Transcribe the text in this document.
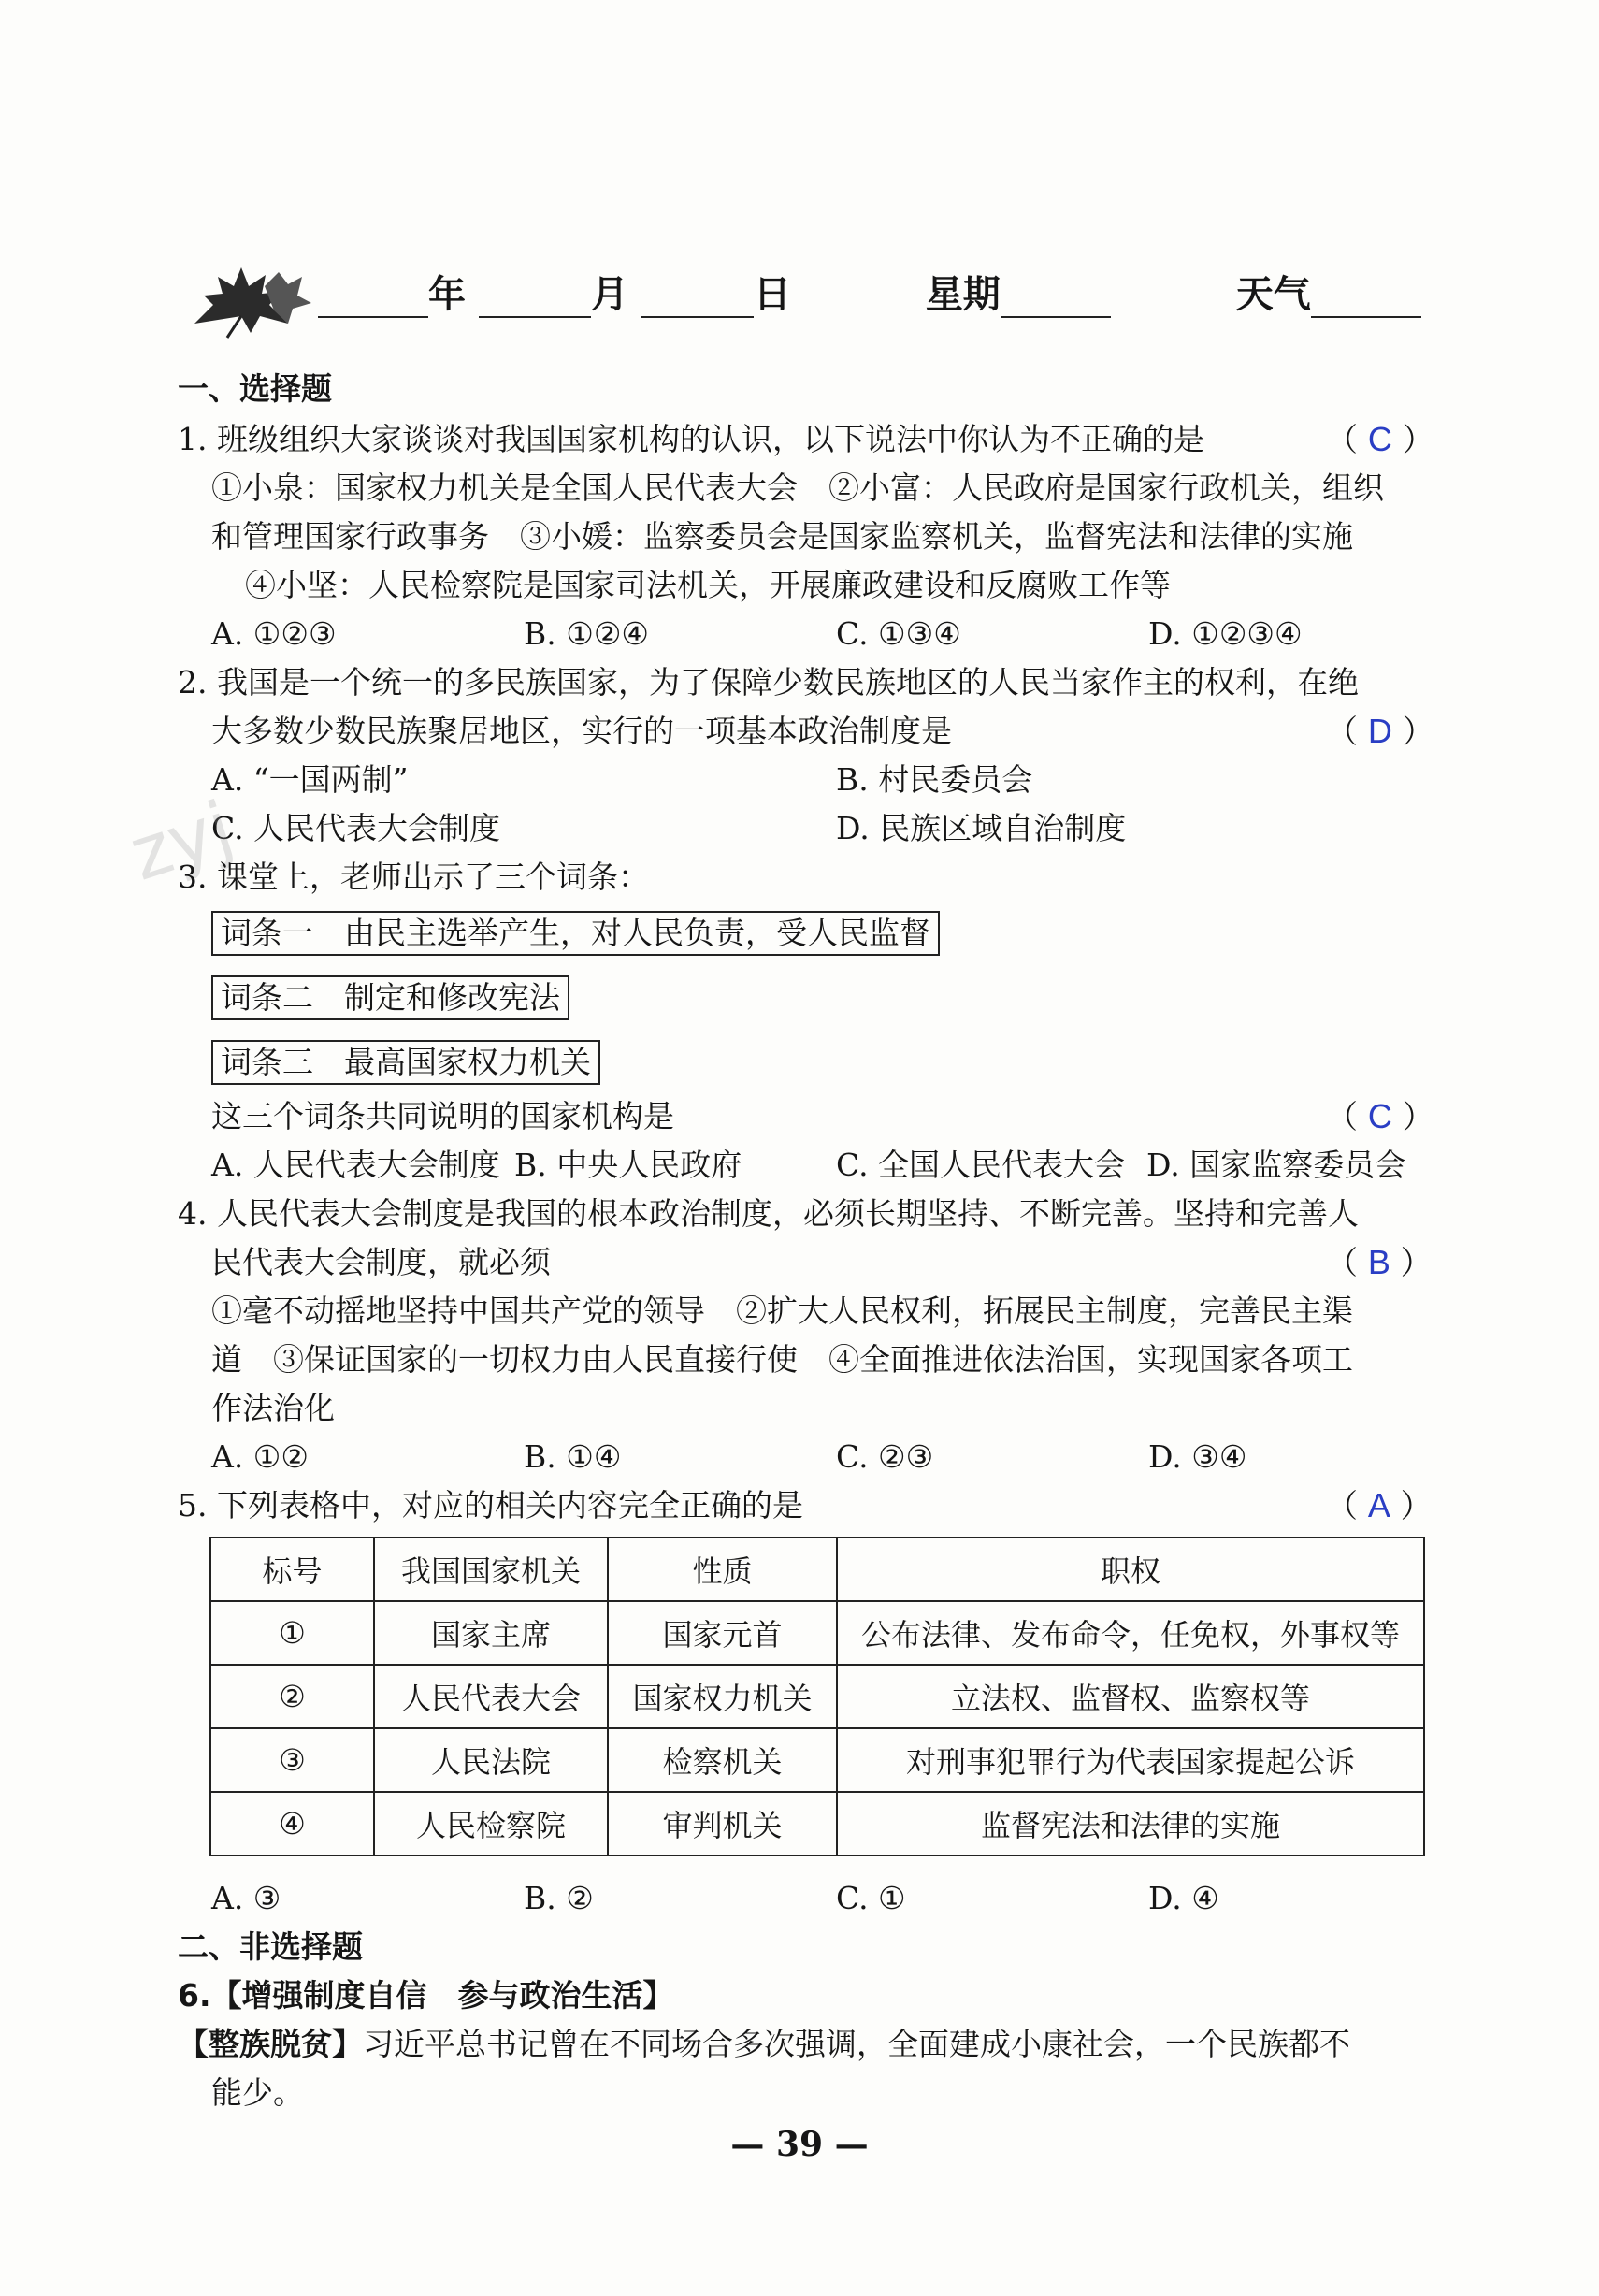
年	月	日	星期	天气
一、选择题
1. 班级组织大家谈谈对我国国家机构的认识，以下说法中你认为不正确的是	（ C ）
①小泉：国家权力机关是全国人民代表大会　②小富：人民政府是国家行政机关，组织
和管理国家行政事务　③小媛：监察委员会是国家监察机关，监督宪法和法律的实施
④小坚：人民检察院是国家司法机关，开展廉政建设和反腐败工作等
A. ①②③	B. ①②④	C. ①③④	D. ①②③④
2. 我国是一个统一的多民族国家，为了保障少数民族地区的人民当家作主的权利，在绝
大多数少数民族聚居地区，实行的一项基本政治制度是	（ D ）
A. “一国两制”	B. 村民委员会
C. 人民代表大会制度	D. 民族区域自治制度
zyj
3. 课堂上，老师出示了三个词条：
词条一　由民主选举产生，对人民负责，受人民监督
词条二　制定和修改宪法
词条三　最高国家权力机关
这三个词条共同说明的国家机构是	（ C ）
A. 人民代表大会制度 B. 中央人民政府	C. 全国人民代表大会 D. 国家监察委员会
4. 人民代表大会制度是我国的根本政治制度，必须长期坚持、不断完善。坚持和完善人
民代表大会制度，就必须	（ B ）
①毫不动摇地坚持中国共产党的领导　②扩大人民权利，拓展民主制度，完善民主渠
道　③保证国家的一切权力由人民直接行使　④全面推进依法治国，实现国家各项工
作法治化
A. ①②	B. ①④	C. ②③	D. ③④
5. 下列表格中，对应的相关内容完全正确的是	（ A ）
标号	我国国家机关	性质	职权
①	国家主席	国家元首	公布法律、发布命令，任免权，外事权等
②	人民代表大会	国家权力机关	立法权、监督权、监察权等
③	人民法院	检察机关	对刑事犯罪行为代表国家提起公诉
④	人民检察院	审判机关	监督宪法和法律的实施
A. ③	B. ②	C. ①	D. ④
二、非选择题
6.【增强制度自信　参与政治生活】
【整族脱贫】习近平总书记曾在不同场合多次强调，全面建成小康社会，一个民族都不
能少。
— 39 —
